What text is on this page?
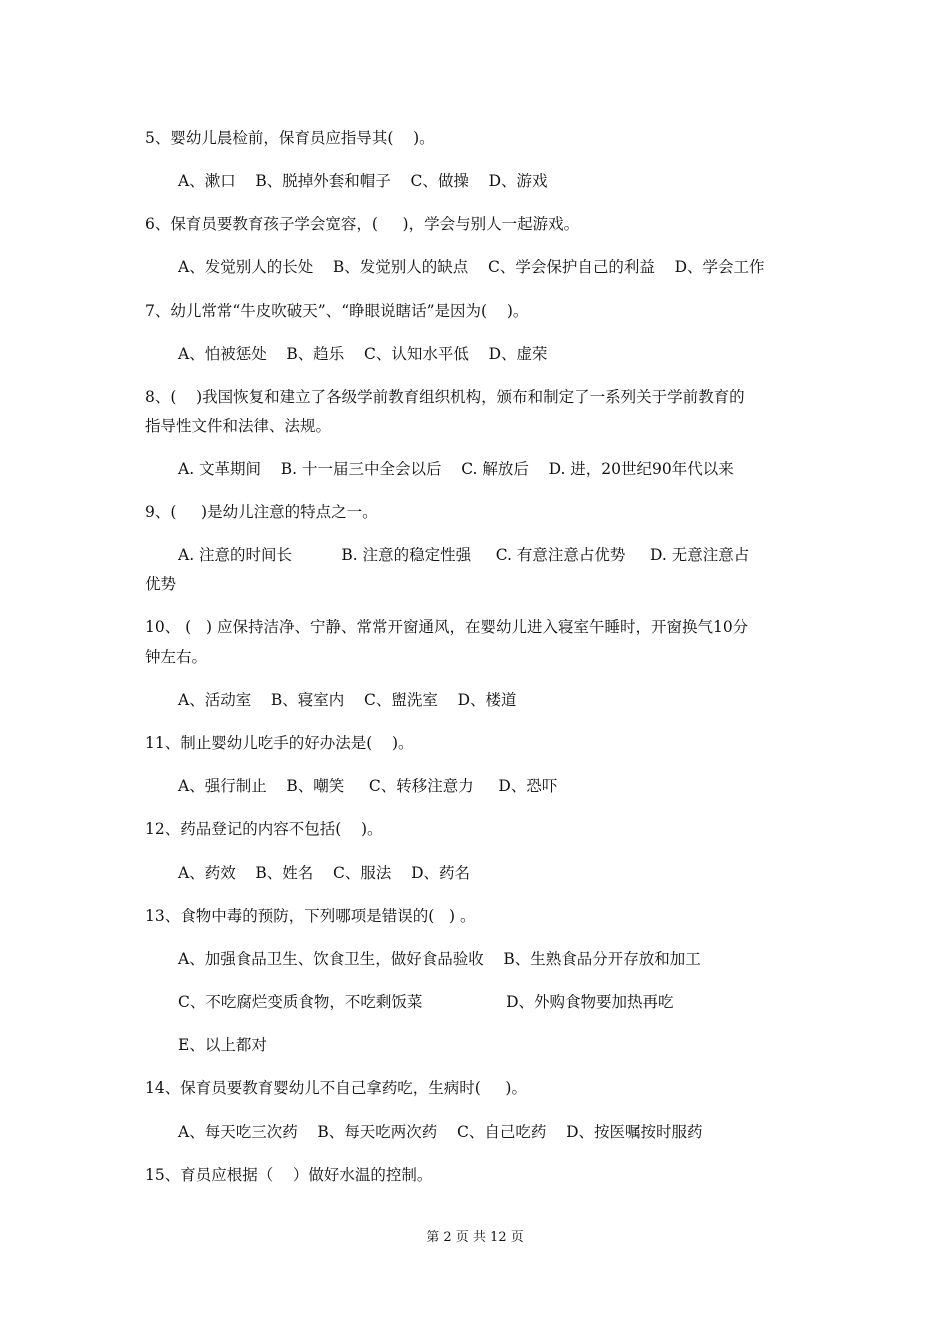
5、婴幼儿晨检前，保育员应指导其(    )。
A、漱口    B、脱掉外套和帽子    C、做操    D、游戏
6、保育员要教育孩子学会宽容，(     )，学会与别人一起游戏。
A、发觉别人的长处    B、发觉别人的缺点    C、学会保护自己的利益    D、学会工作
7、幼儿常常“牛皮吹破天”、“睁眼说瞎话”是因为(    )。
A、怕被惩处    B、趋乐    C、认知水平低    D、虚荣
8、(    )我国恢复和建立了各级学前教育组织机构，颁布和制定了一系列关于学前教育的
指导性文件和法律、法规。
A. 文革期间    B. 十一届三中全会以后    C. 解放后    D. 进，20世纪90年代以来
9、(     )是幼儿注意的特点之一。
A. 注意的时间长          B. 注意的稳定性强     C. 有意注意占优势     D. 无意注意占
优势
10、 (   ) 应保持洁净、宁静、常常开窗通风，在婴幼儿进入寝室午睡时，开窗换气10分
钟左右。
A、活动室    B、寝室内    C、盥洗室    D、楼道
11、制止婴幼儿吃手的好办法是(    )。
A、强行制止    B、嘲笑     C、转移注意力     D、恐吓
12、药品登记的内容不包括(    )。
A、药效    B、姓名    C、服法    D、药名
13、食物中毒的预防，下列哪项是错误的(   ) 。
A、加强食品卫生、饮食卫生，做好食品验收    B、生熟食品分开存放和加工
C、不吃腐烂变质食物，不吃剩饭菜                 D、外购食物要加热再吃
E、以上都对
14、保育员要教育婴幼儿不自己拿药吃，生病时(     )。
A、每天吃三次药    B、每天吃两次药    C、自己吃药    D、按医嘱按时服药
15、育员应根据（    ）做好水温的控制。
第 2 页 共 12 页
